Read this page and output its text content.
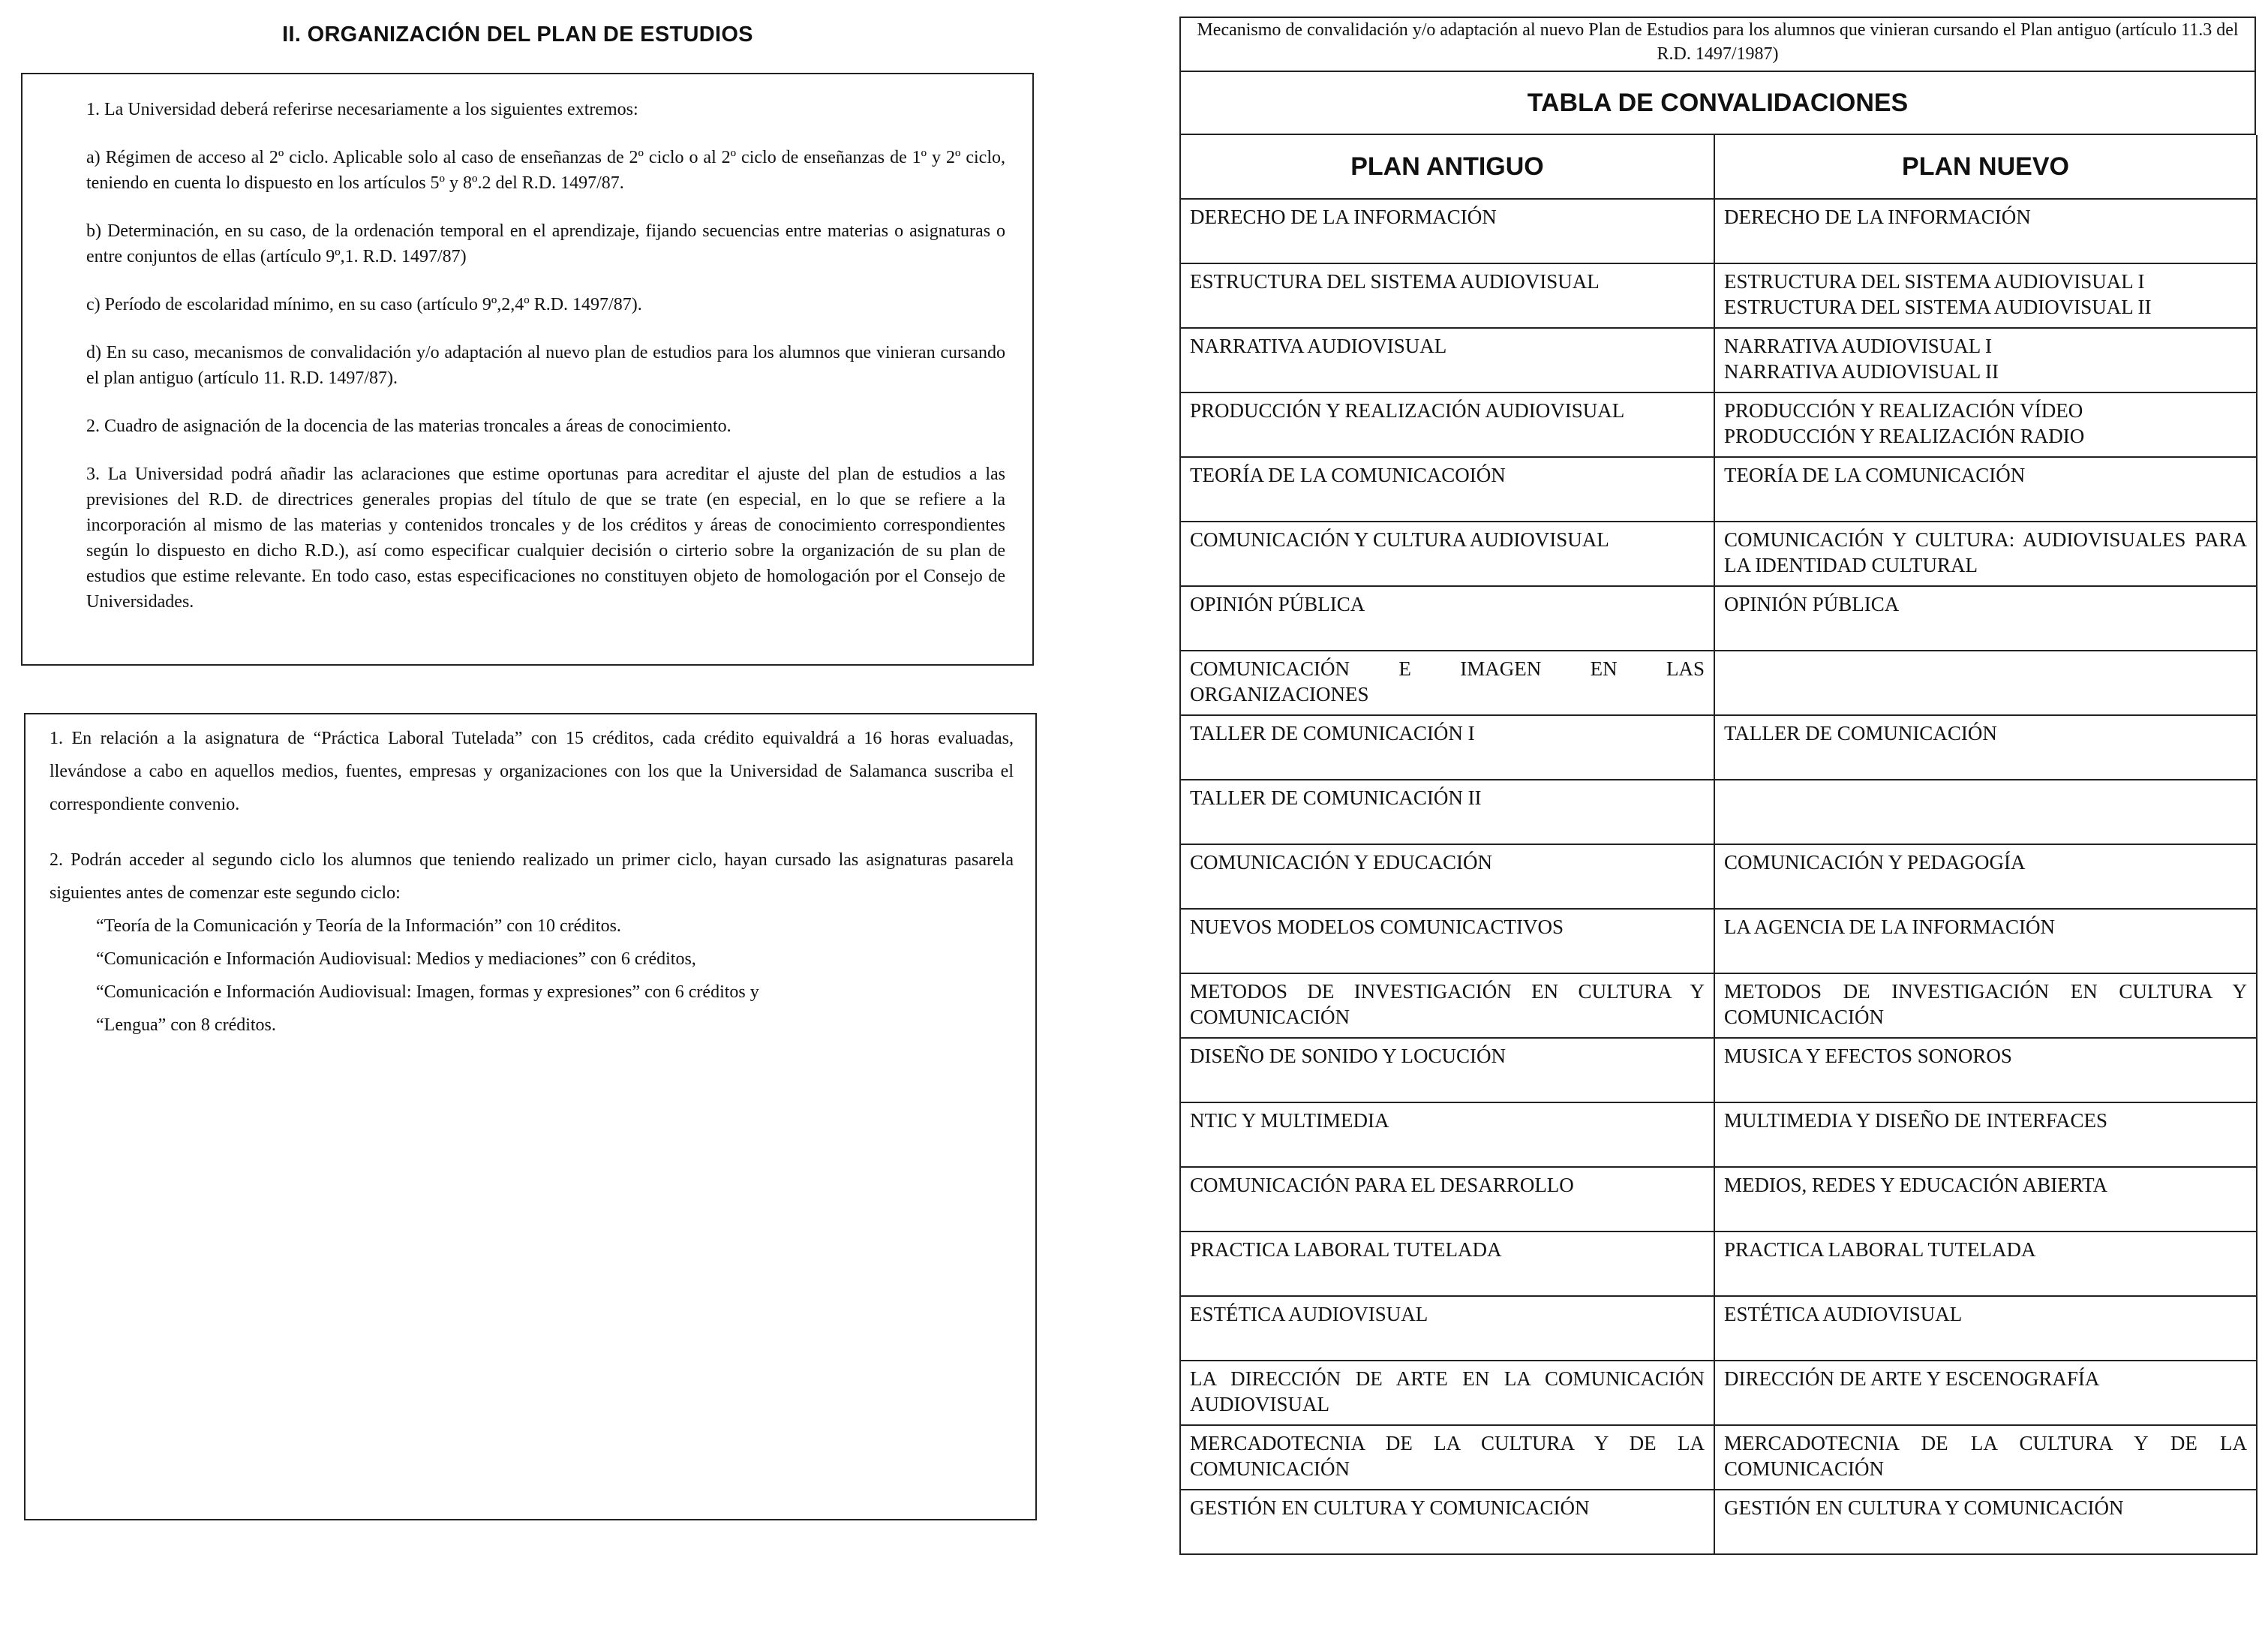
II. ORGANIZACIÓN DEL PLAN DE ESTUDIOS

1. La Universidad deberá referirse necesariamente a los siguientes extremos:

a) Régimen de acceso al 2º ciclo. Aplicable solo al caso de enseñanzas de 2º ciclo o al 2º ciclo de enseñanzas de 1º y 2º ciclo, teniendo en cuenta lo dispuesto en los artículos 5º y 8º.2 del R.D. 1497/87.

b) Determinación, en su caso, de la ordenación temporal en el aprendizaje, fijando secuencias entre materias o asignaturas o entre conjuntos de ellas (artículo 9º,1. R.D. 1497/87)

c) Período de escolaridad mínimo, en su caso (artículo 9º,2,4º R.D. 1497/87).

d) En su caso, mecanismos de convalidación y/o adaptación al nuevo plan de estudios para los alumnos que vinieran cursando el plan antiguo (artículo 11. R.D. 1497/87).

2. Cuadro de asignación de la docencia de las materias troncales a áreas de conocimiento.

3. La Universidad podrá añadir las aclaraciones que estime oportunas para acreditar el ajuste del plan de estudios a las previsiones del R.D. de directrices generales propias del título de que se trate (en especial, en lo que se refiere a la incorporación al mismo de las materias y contenidos troncales y de los créditos y áreas de conocimiento correspondientes según lo dispuesto en dicho R.D.), así como especificar cualquier decisión o cirterio sobre la organización de su plan de estudios que estime relevante. En todo caso, estas especificaciones no constituyen objeto de homologación por el Consejo de Universidades.

1. En relación a la asignatura de “Práctica Laboral Tutelada” con 15 créditos, cada crédito equivaldrá a 16 horas evaluadas, llevándose a cabo en aquellos medios, fuentes, empresas y organizaciones con los que la Universidad de Salamanca suscriba el correspondiente convenio.

2. Podrán acceder al segundo ciclo los alumnos que teniendo realizado un primer ciclo, hayan cursado las asignaturas pasarela siguientes antes de comenzar este segundo ciclo:

“Teoría de la Comunicación y Teoría de la Información” con 10 créditos.
“Comunicación e Información Audiovisual: Medios y mediaciones” con 6 créditos,
“Comunicación e Información Audiovisual: Imagen, formas y expresiones” con 6 créditos y
“Lengua” con 8 créditos.
Mecanismo de convalidación y/o adaptación al nuevo Plan de Estudios para los alumnos que vinieran cursando el Plan antiguo (artículo 11.3 del R.D. 1497/1987)
TABLA DE CONVALIDACIONES
PLAN ANTIGUO	PLAN NUEVO

DERECHO DE LA INFORMACIÓN	DERECHO DE LA INFORMACIÓN

ESTRUCTURA DEL SISTEMA AUDIOVISUAL	ESTRUCTURA DEL SISTEMA AUDIOVISUAL I
ESTRUCTURA DEL SISTEMA AUDIOVISUAL II

NARRATIVA AUDIOVISUAL	NARRATIVA AUDIOVISUAL I
NARRATIVA AUDIOVISUAL II

PRODUCCIÓN Y REALIZACIÓN AUDIOVISUAL	PRODUCCIÓN Y REALIZACIÓN VÍDEO
PRODUCCIÓN Y REALIZACIÓN RADIO

TEORÍA DE LA COMUNICACOIÓN	TEORÍA DE LA COMUNICACIÓN

COMUNICACIÓN Y CULTURA AUDIOVISUAL	COMUNICACIÓN Y CULTURA: AUDIOVISUALES PARA LA IDENTIDAD CULTURAL

OPINIÓN PÚBLICA	OPINIÓN PÚBLICA

COMUNICACIÓN E IMAGEN EN LAS ORGANIZACIONES	

TALLER DE COMUNICACIÓN I	TALLER DE COMUNICACIÓN

TALLER DE COMUNICACIÓN II	

COMUNICACIÓN Y EDUCACIÓN	COMUNICACIÓN Y PEDAGOGÍA

NUEVOS MODELOS COMUNICACTIVOS	LA AGENCIA DE LA INFORMACIÓN

METODOS DE INVESTIGACIÓN EN CULTURA Y COMUNICACIÓN	METODOS DE INVESTIGACIÓN EN CULTURA Y COMUNICACIÓN

DISEÑO DE SONIDO Y LOCUCIÓN	MUSICA Y EFECTOS SONOROS

NTIC Y MULTIMEDIA	MULTIMEDIA Y DISEÑO DE INTERFACES

COMUNICACIÓN PARA EL DESARROLLO	MEDIOS, REDES Y EDUCACIÓN ABIERTA

PRACTICA LABORAL TUTELADA	PRACTICA LABORAL TUTELADA

ESTÉTICA AUDIOVISUAL	ESTÉTICA AUDIOVISUAL

LA DIRECCIÓN DE ARTE EN LA COMUNICACIÓN AUDIOVISUAL	DIRECCIÓN DE ARTE Y ESCENOGRAFÍA

MERCADOTECNIA DE LA CULTURA Y DE LA COMUNICACIÓN	MERCADOTECNIA DE LA CULTURA Y DE LA COMUNICACIÓN

GESTIÓN EN CULTURA Y COMUNICACIÓN	GESTIÓN EN CULTURA Y COMUNICACIÓN
